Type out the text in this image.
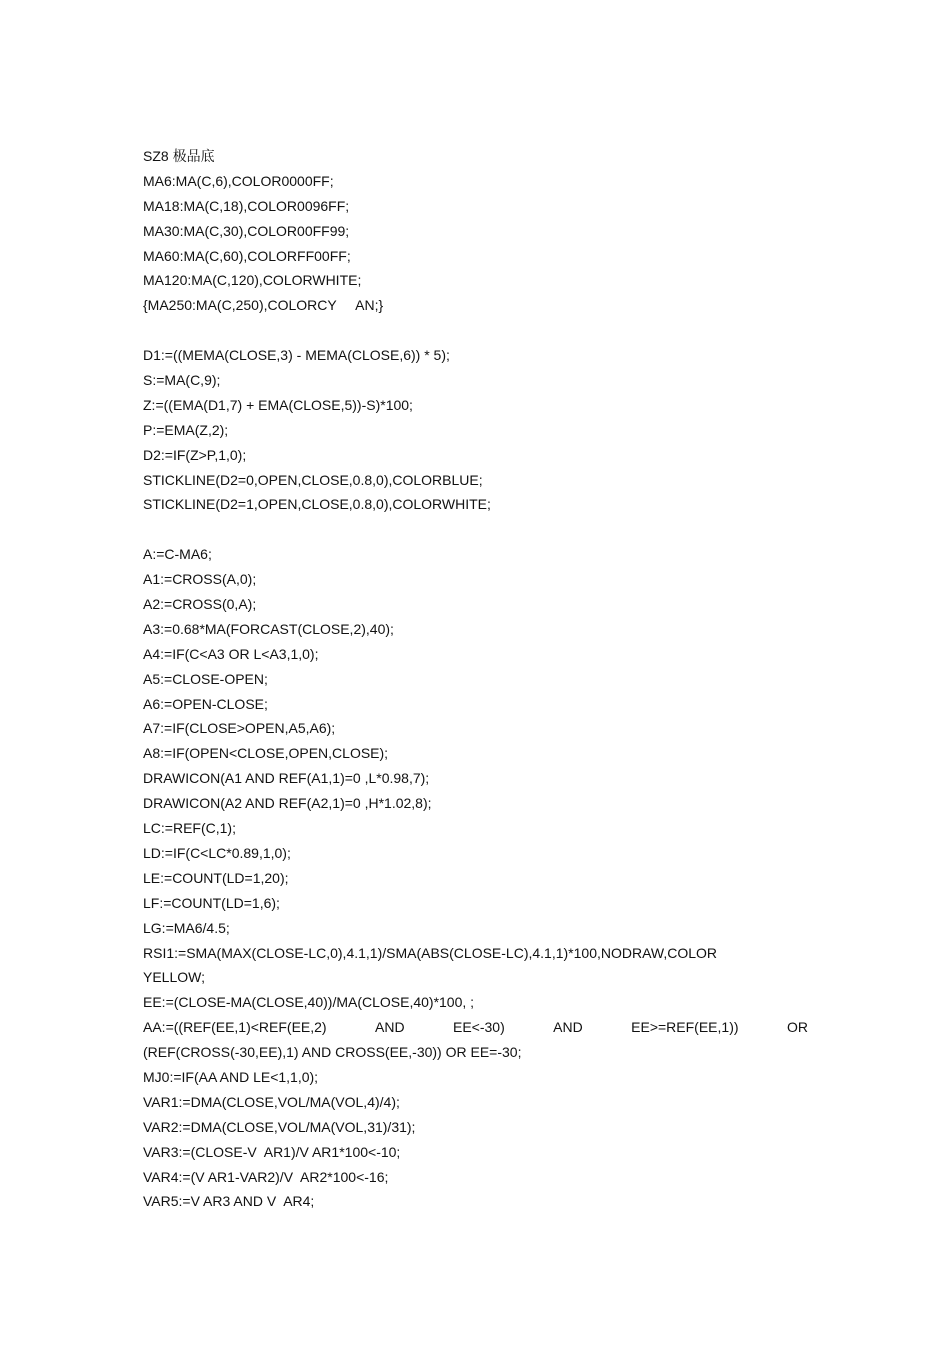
SZ8 极品底
MA6:MA(C,6),COLOR0000FF;
MA18:MA(C,18),COLOR0096FF;
MA30:MA(C,30),COLOR00FF99;
MA60:MA(C,60),COLORFF00FF;
MA120:MA(C,120),COLORWHITE;
{MA250:MA(C,250),COLORCY     AN;}
D1:=((MEMA(CLOSE,3) - MEMA(CLOSE,6)) * 5);
S:=MA(C,9);
Z:=((EMA(D1,7) + EMA(CLOSE,5))-S)*100;
P:=EMA(Z,2);
D2:=IF(Z>P,1,0);
STICKLINE(D2=0,OPEN,CLOSE,0.8,0),COLORBLUE;
STICKLINE(D2=1,OPEN,CLOSE,0.8,0),COLORWHITE;
A:=C-MA6;
A1:=CROSS(A,0);
A2:=CROSS(0,A);
A3:=0.68*MA(FORCAST(CLOSE,2),40);
A4:=IF(C<A3 OR L<A3,1,0);
A5:=CLOSE-OPEN;
A6:=OPEN-CLOSE;
A7:=IF(CLOSE>OPEN,A5,A6);
A8:=IF(OPEN<CLOSE,OPEN,CLOSE);
DRAWICON(A1 AND REF(A1,1)=0 ,L*0.98,7);
DRAWICON(A2 AND REF(A2,1)=0 ,H*1.02,8);
LC:=REF(C,1);
LD:=IF(C<LC*0.89,1,0);
LE:=COUNT(LD=1,20);
LF:=COUNT(LD=1,6);
LG:=MA6/4.5;
RSI1:=SMA(MAX(CLOSE-LC,0),4.1,1)/SMA(ABS(CLOSE-LC),4.1,1)*100,NODRAW,COLOR
YELLOW;
EE:=(CLOSE-MA(CLOSE,40))/MA(CLOSE,40)*100, ;
AA:=((REF(EE,1)<REF(EE,2)	AND	EE<-30)	AND	EE>=REF(EE,1))	OR
(REF(CROSS(-30,EE),1) AND CROSS(EE,-30)) OR EE=-30;
MJ0:=IF(AA AND LE<1,1,0);
VAR1:=DMA(CLOSE,VOL/MA(VOL,4)/4);
VAR2:=DMA(CLOSE,VOL/MA(VOL,31)/31);
VAR3:=(CLOSE-V  AR1)/V AR1*100<-10;
VAR4:=(V AR1-VAR2)/V  AR2*100<-16;
VAR5:=V AR3 AND V  AR4;
